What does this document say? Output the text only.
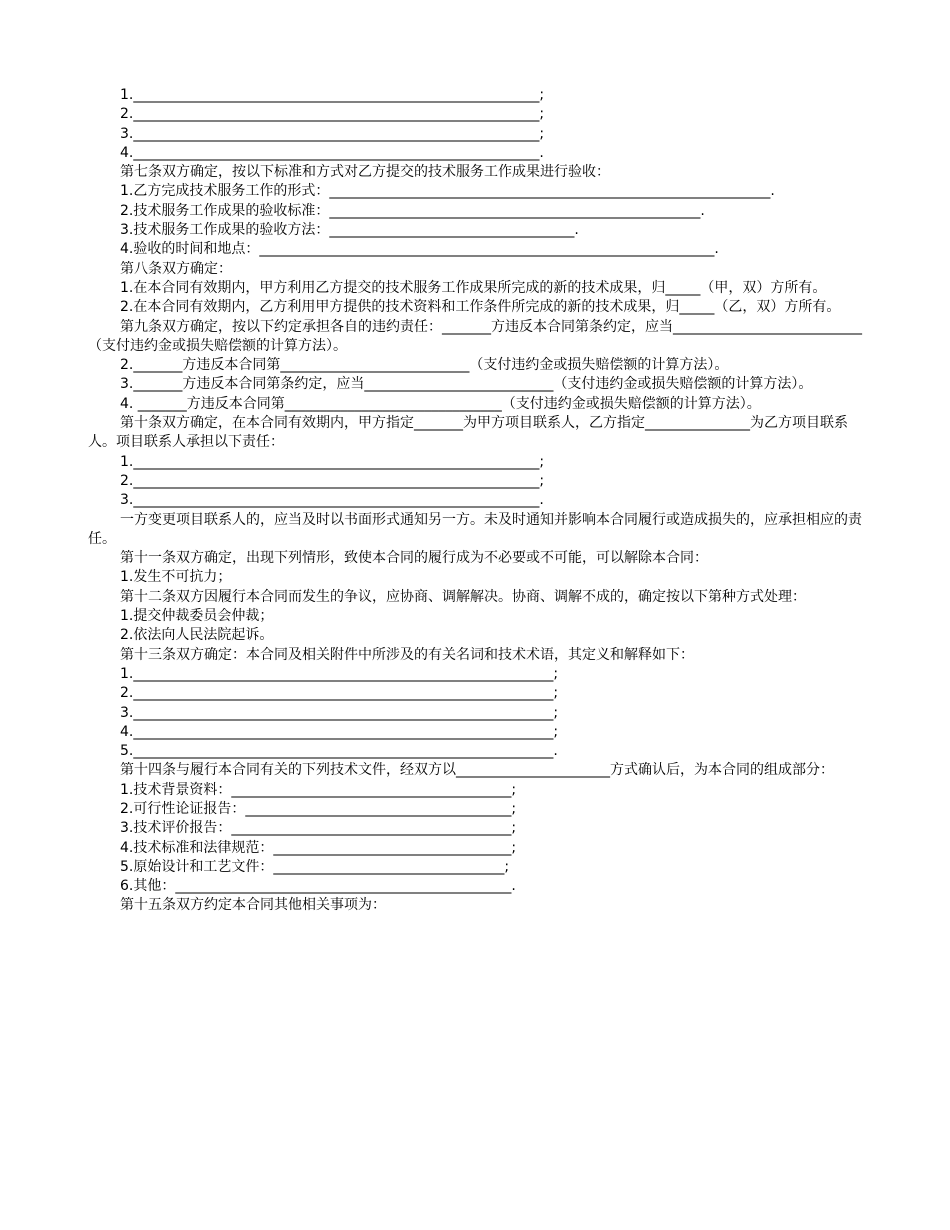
1.__________________________________________________________;

2.__________________________________________________________;

3.__________________________________________________________;

4.__________________________________________________________.

第七条双方确定，按以下标准和方式对乙方提交的技术服务工作成果进行验收：

1.乙方完成技术服务工作的形式：_______________________________________________________________.

2.技术服务工作成果的验收标准：_____________________________________________________.

3.技术服务工作成果的验收方法：___________________________________.

4.验收的时间和地点：_________________________________________________________________.

第八条双方确定：

1.在本合同有效期内，甲方利用乙方提交的技术服务工作成果所完成的新的技术成果，归_____（甲，双）方所有。

2.在本合同有效期内，乙方利用甲方提供的技术资料和工作条件所完成的新的技术成果，归_____（乙，双）方所有。

第九条双方确定，按以下约定承担各自的违约责任：_______方违反本合同第条约定，应当___________________________（支付违约金或损失赔偿额的计算方法）。

2._______方违反本合同第___________________________（支付违约金或损失赔偿额的计算方法）。

3._______方违反本合同第条约定，应当___________________________（支付违约金或损失赔偿额的计算方法）。

4. _______方违反本合同第_______________________________（支付违约金或损失赔偿额的计算方法）。

第十条双方确定，在本合同有效期内，甲方指定_______为甲方项目联系人，乙方指定_______________为乙方项目联系人。项目联系人承担以下责任：

1.__________________________________________________________;

2.__________________________________________________________;

3.__________________________________________________________.

一方变更项目联系人的，应当及时以书面形式通知另一方。未及时通知并影响本合同履行或造成损失的，应承担相应的责任。

第十一条双方确定，出现下列情形，致使本合同的履行成为不必要或不可能，可以解除本合同：

1.发生不可抗力；

第十二条双方因履行本合同而发生的争议，应协商、调解解决。协商、调解不成的，确定按以下第种方式处理：

1.提交仲裁委员会仲裁；

2.依法向人民法院起诉。

第十三条双方确定：本合同及相关附件中所涉及的有关名词和技术术语，其定义和解释如下：

1.____________________________________________________________;

2.____________________________________________________________;

3.____________________________________________________________;

4.____________________________________________________________;

5.____________________________________________________________.

第十四条与履行本合同有关的下列技术文件，经双方以______________________方式确认后，为本合同的组成部分：

1.技术背景资料：________________________________________;

2.可行性论证报告：______________________________________;

3.技术评价报告：________________________________________;

4.技术标准和法律规范：__________________________________;

5.原始设计和工艺文件：_________________________________;

6.其他：________________________________________________.

第十五条双方约定本合同其他相关事项为：
